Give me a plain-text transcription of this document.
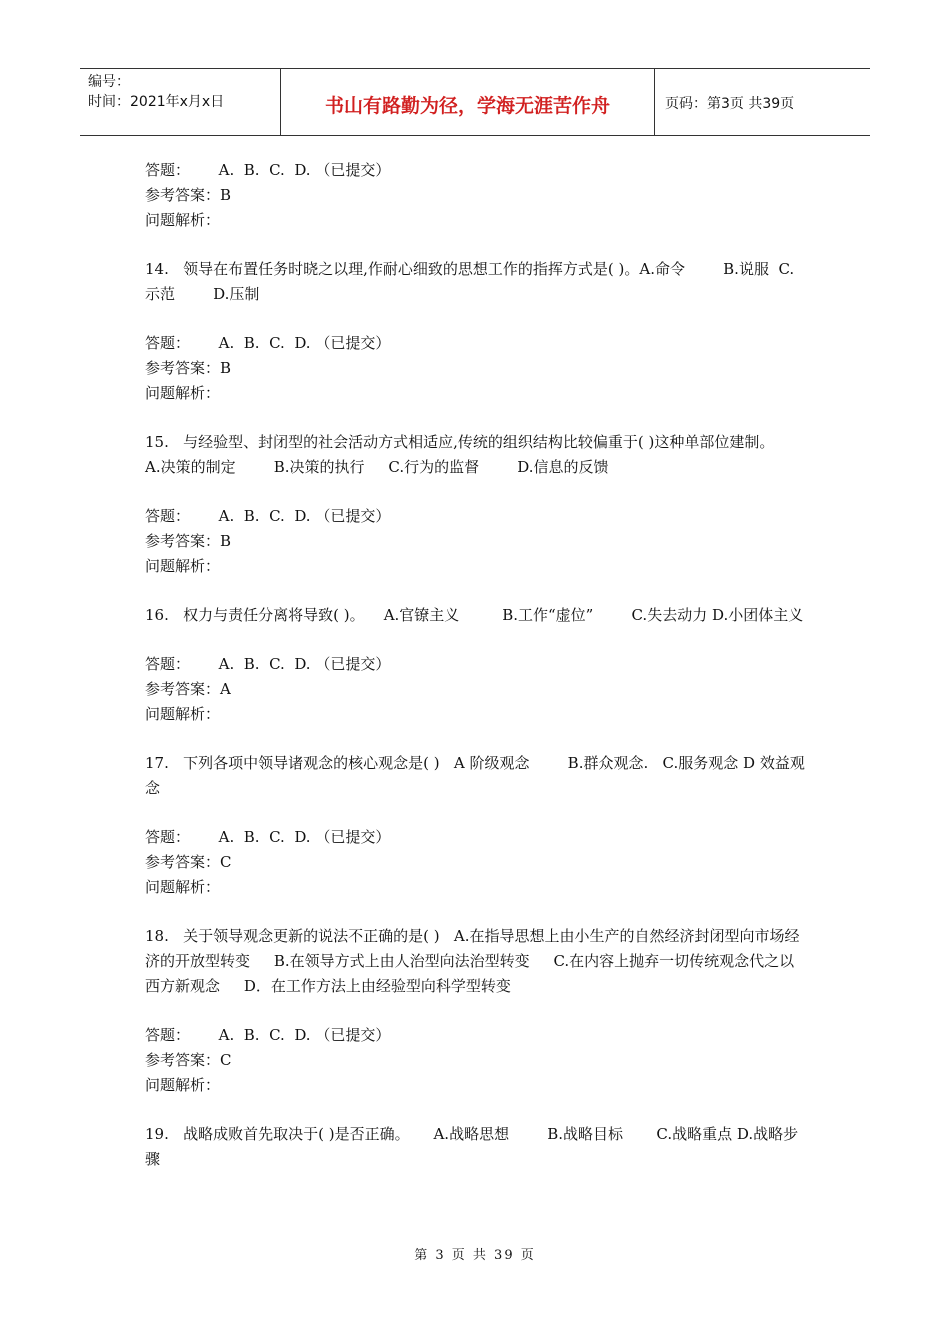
编号：
时间：2021年x月x日	书山有路勤为径，学海无涯苦作舟	页码：第3页 共39页
答题：      A.  B.  C.  D. （已提交）
参考答案：B
问题解析：
14.   领导在布置任务时晓之以理,作耐心细致的思想工作的指挥方式是( )。A.命令        B.说服  C.示范        D.压制
答题：      A.  B.  C.  D. （已提交）
参考答案：B
问题解析：
15.   与经验型、封闭型的社会活动方式相适应,传统的组织结构比较偏重于( )这种单部位建制。    A.决策的制定        B.决策的执行     C.行为的监督        D.信息的反馈
答题：      A.  B.  C.  D. （已提交）
参考答案：B
问题解析：
16.   权力与责任分离将导致( )。    A.官镣主义         B.工作“虚位”        C.失去动力 D.小团体主义
答题：      A.  B.  C.  D. （已提交）
参考答案：A
问题解析：
17.   下列各项中领导诸观念的核心观念是( )   A 阶级观念        B.群众观念.   C.服务观念 D 效益观念
答题：      A.  B.  C.  D. （已提交）
参考答案：C
问题解析：
18.   关于领导观念更新的说法不正确的是( )   A.在指导思想上由小生产的自然经济封闭型向市场经济的开放型转变     B.在领导方式上由人治型向法治型转变     C.在内容上抛弃一切传统观念代之以西方新观念     D．在工作方法上由经验型向科学型转变
答题：      A.  B.  C.  D. （已提交）
参考答案：C
问题解析：
19.   战略成败首先取决于( )是否正确。     A.战略思想        B.战略目标       C.战略重点 D.战略步骤
第 3 页 共 39 页
